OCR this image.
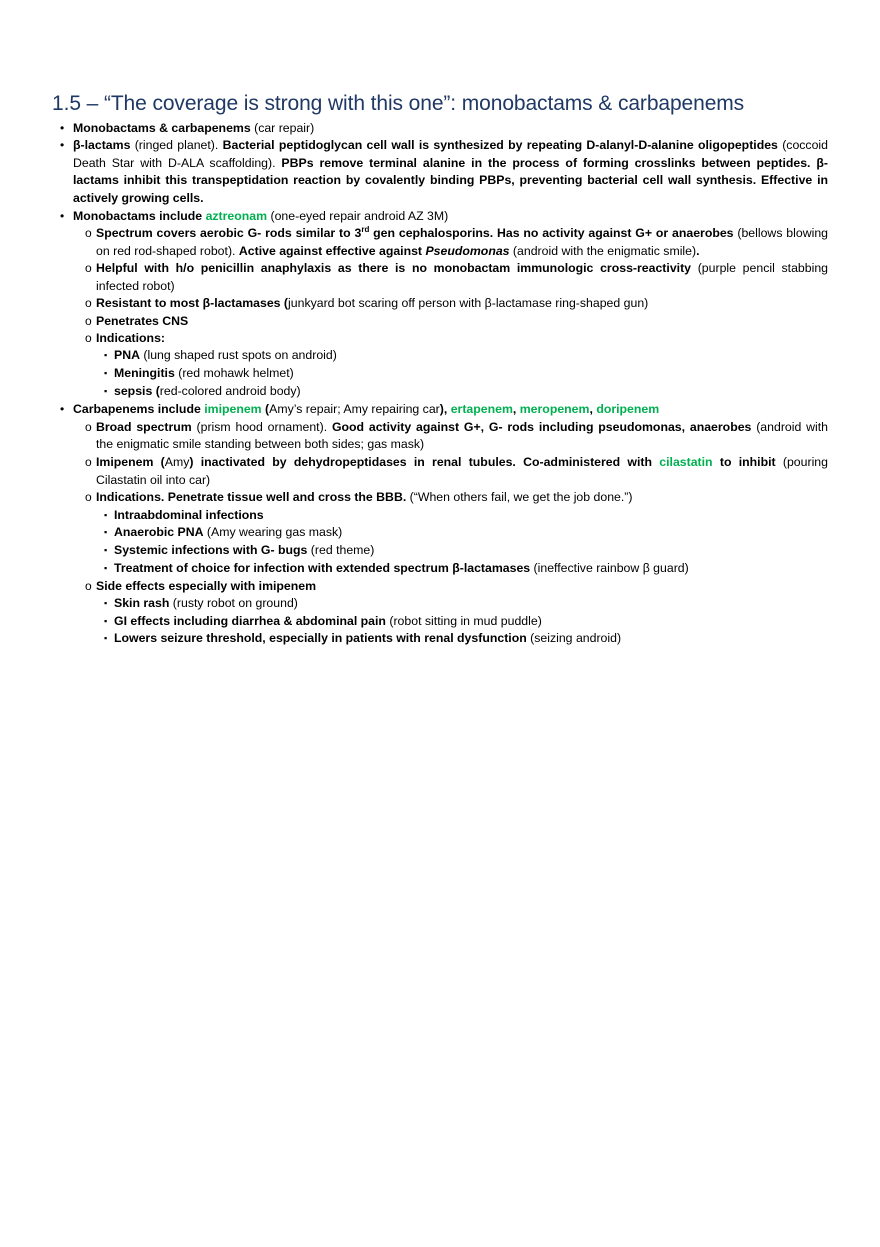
1.5 – “The coverage is strong with this one”: monobactams & carbapenems
• Monobactams & carbapenems (car repair)
• β-lactams (ringed planet). Bacterial peptidoglycan cell wall is synthesized by repeating D-alanyl-D-alanine oligopeptides (coccoid
Death Star with D-ALA scaffolding). PBPs remove terminal alanine in the process of forming crosslinks between peptides. β-
lactams inhibit this transpeptidation reaction by covalently binding PBPs, preventing bacterial cell wall synthesis. Effective in
actively growing cells.
• Monobactams include aztreonam (one-eyed repair android AZ 3M)
o Spectrum covers aerobic G- rods similar to 3rd gen cephalosporins. Has no activity against G+ or anaerobes (bellows blowing
on red rod-shaped robot). Active against effective against Pseudomonas (android with the enigmatic smile).
o Helpful with h/o penicillin anaphylaxis as there is no monobactam immunologic cross-reactivity (purple pencil stabbing
infected robot)
o Resistant to most β-lactamases (junkyard bot scaring off person with β-lactamase ring-shaped gun)
o Penetrates CNS
o Indications:
▪ PNA (lung shaped rust spots on android)
▪ Meningitis (red mohawk helmet)
▪ sepsis (red-colored android body)
• Carbapenems include imipenem (Amy’s repair; Amy repairing car), ertapenem, meropenem, doripenem
o Broad spectrum (prism hood ornament). Good activity against G+, G- rods including pseudomonas, anaerobes (android with
the enigmatic smile standing between both sides; gas mask)
o Imipenem (Amy) inactivated by dehydropeptidases in renal tubules. Co-administered with cilastatin to inhibit (pouring
Cilastatin oil into car)
o Indications. Penetrate tissue well and cross the BBB. (“When others fail, we get the job done.”)
▪ Intraabdominal infections
▪ Anaerobic PNA (Amy wearing gas mask)
▪ Systemic infections with G- bugs (red theme)
▪ Treatment of choice for infection with extended spectrum β-lactamases (ineffective rainbow β guard)
o Side effects especially with imipenem
▪ Skin rash (rusty robot on ground)
▪ GI effects including diarrhea & abdominal pain (robot sitting in mud puddle)
▪ Lowers seizure threshold, especially in patients with renal dysfunction (seizing android)
